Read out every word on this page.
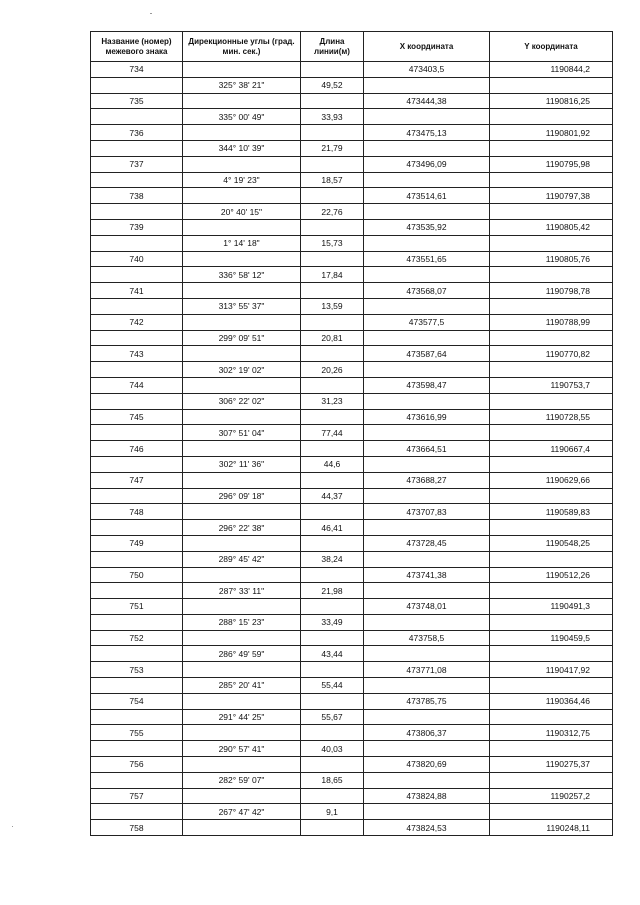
Название (номер) межевого знака	Дирекционные углы (град. мин. сек.)	Длина линии(м)	X координата	Y координата
734			473403,5	1190844,2
	325° 38' 21"	49,52		
735			473444,38	1190816,25
	335° 00' 49"	33,93		
736			473475,13	1190801,92
	344° 10' 39"	21,79		
737			473496,09	1190795,98
	4° 19' 23"	18,57		
738			473514,61	1190797,38
	20° 40' 15"	22,76		
739			473535,92	1190805,42
	1° 14' 18"	15,73		
740			473551,65	1190805,76
	336° 58' 12"	17,84		
741			473568,07	1190798,78
	313° 55' 37"	13,59		
742			473577,5	1190788,99
	299° 09' 51"	20,81		
743			473587,64	1190770,82
	302° 19' 02"	20,26		
744			473598,47	1190753,7
	306° 22' 02"	31,23		
745			473616,99	1190728,55
	307° 51' 04"	77,44		
746			473664,51	1190667,4
	302° 11' 36"	44,6		
747			473688,27	1190629,66
	296° 09' 18"	44,37		
748			473707,83	1190589,83
	296° 22' 38"	46,41		
749			473728,45	1190548,25
	289° 45' 42"	38,24		
750			473741,38	1190512,26
	287° 33' 11"	21,98		
751			473748,01	1190491,3
	288° 15' 23"	33,49		
752			473758,5	1190459,5
	286° 49' 59"	43,44		
753			473771,08	1190417,92
	285° 20' 41"	55,44		
754			473785,75	1190364,46
	291° 44' 25"	55,67		
755			473806,37	1190312,75
	290° 57' 41"	40,03		
756			473820,69	1190275,37
	282° 59' 07"	18,65		
757			473824,88	1190257,2
	267° 47' 42"	9,1		
758			473824,53	1190248,11
